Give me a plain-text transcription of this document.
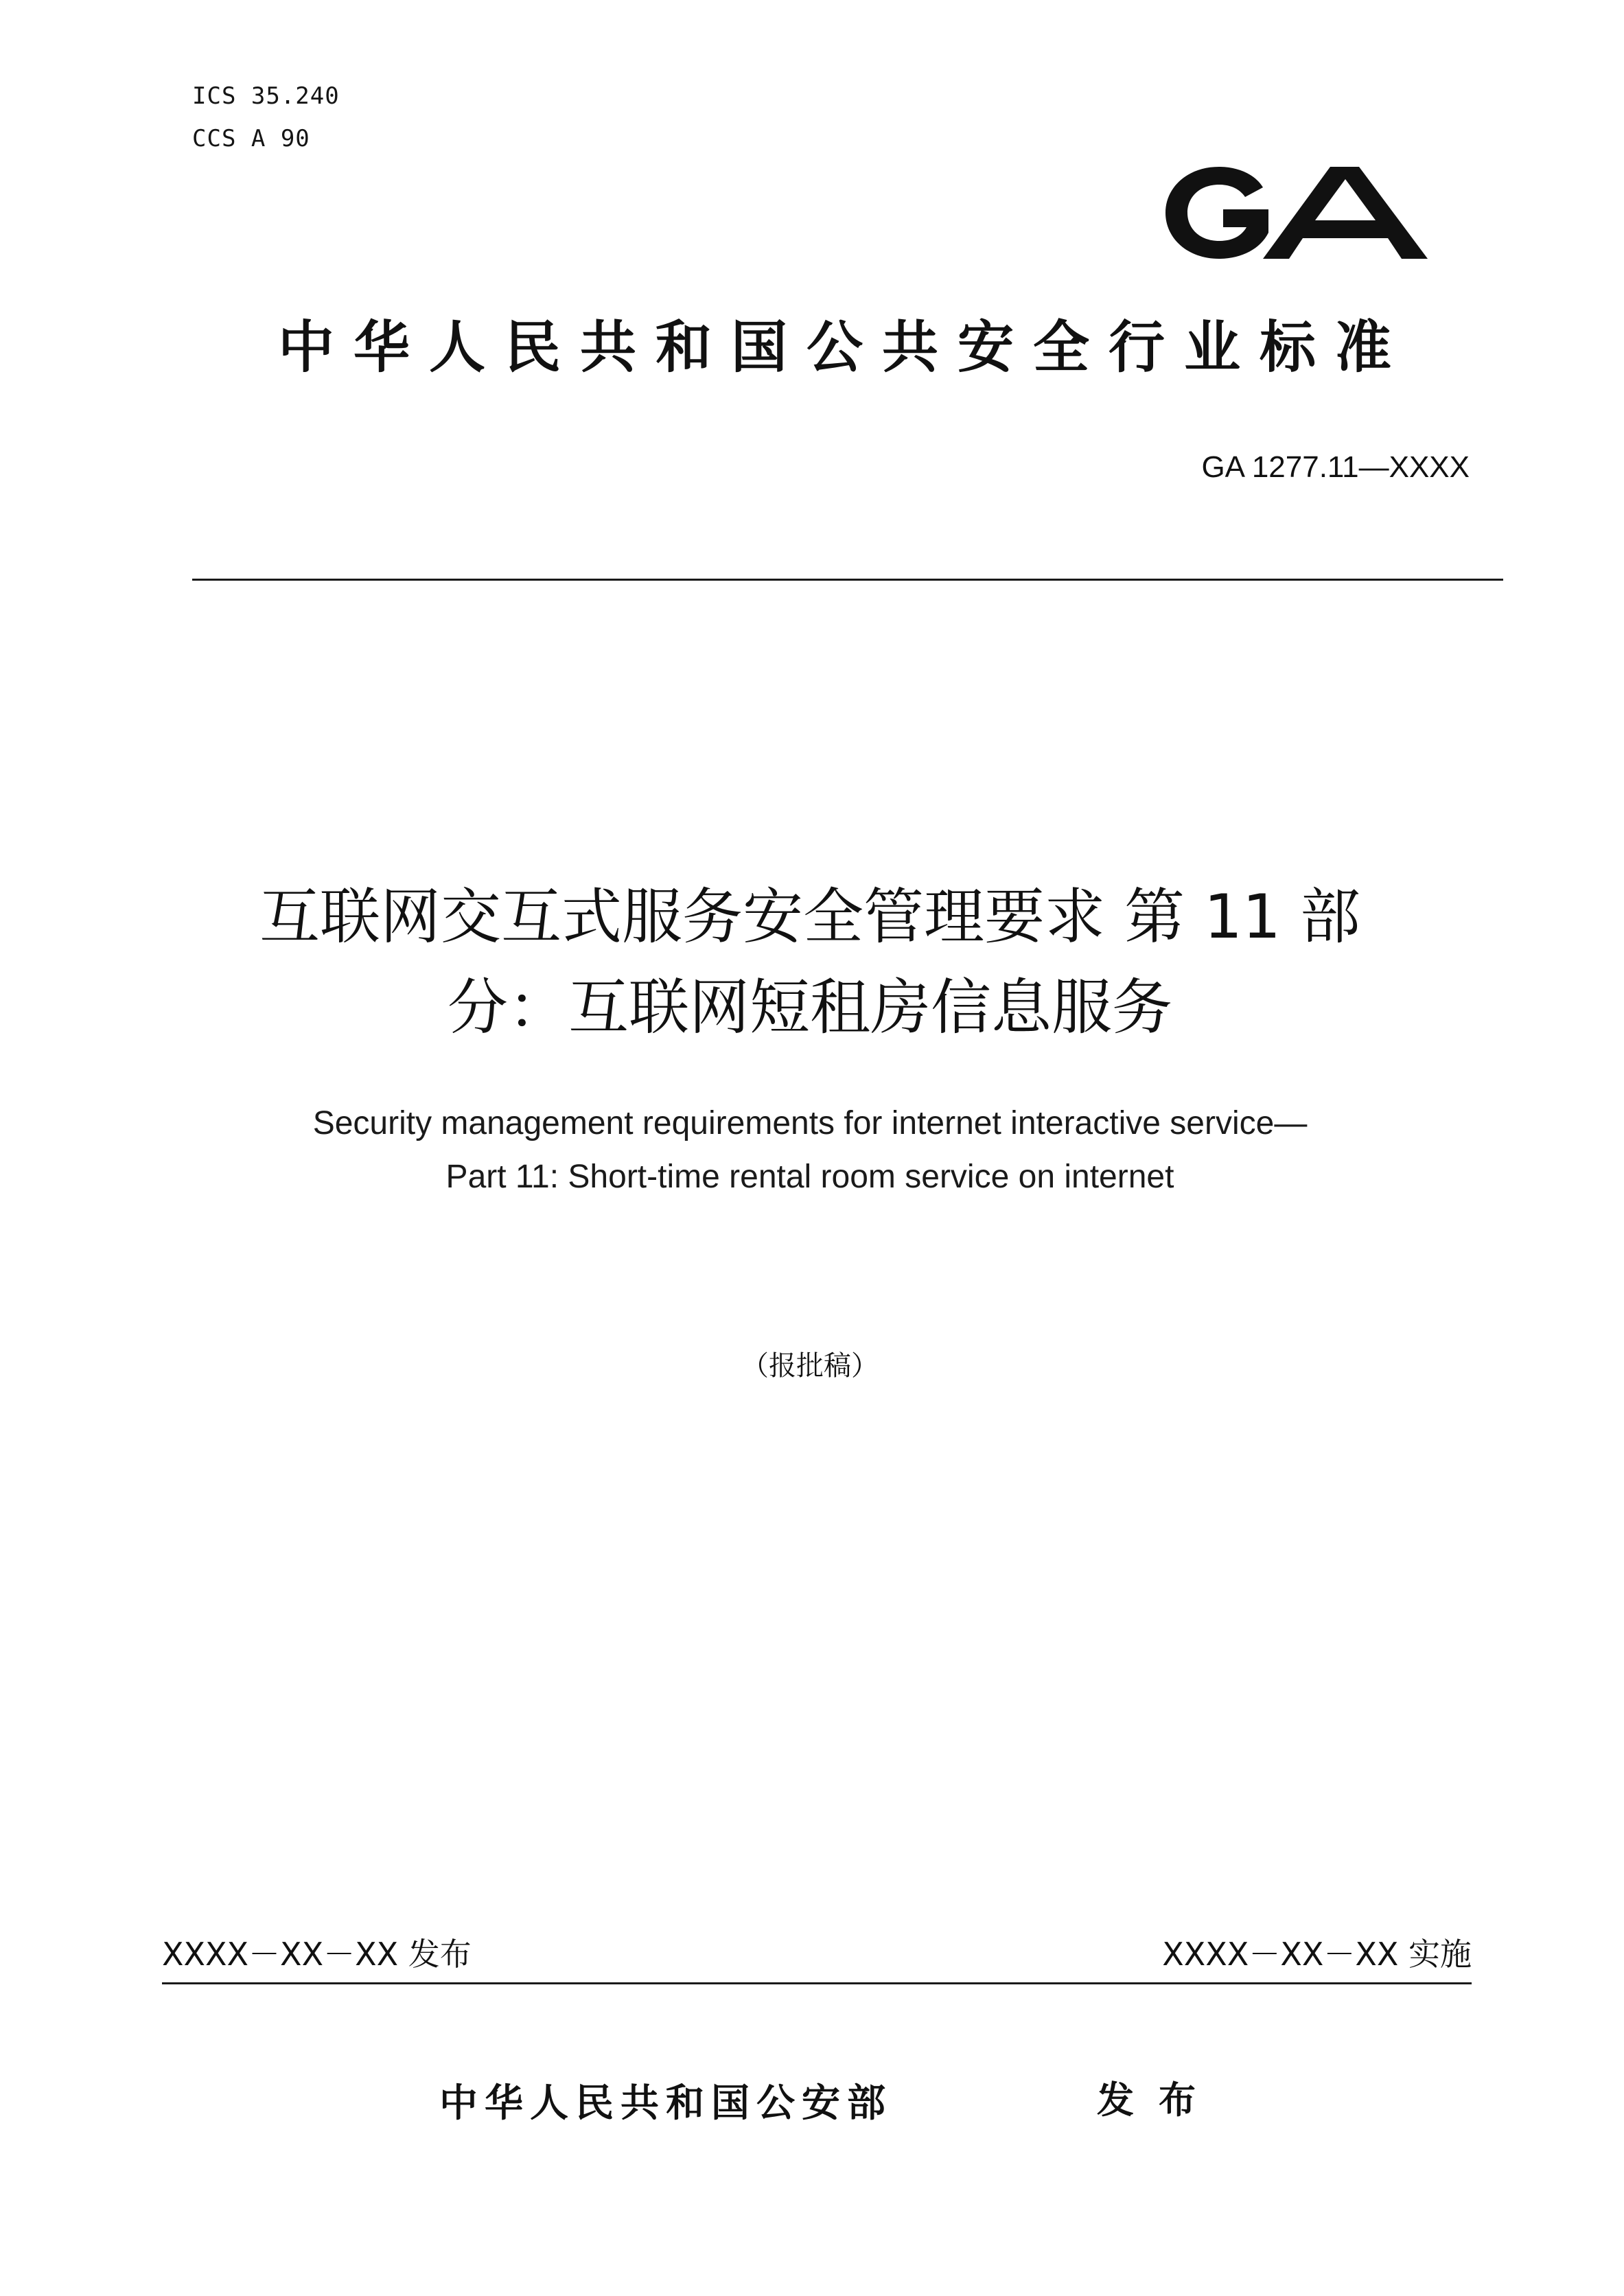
ICS 35.240
CCS A 90
中华人民共和国公共安全行业标准
GA 1277.11—XXXX
互联网交互式服务安全管理要求 第 11 部
分：互联网短租房信息服务
Security management requirements for internet interactive service—
Part 11: Short-time rental room service on internet
（报批稿）
XXXX－XX－XX 发布	XXXX－XX－XX 实施
中华人民共和国公安部	发布
